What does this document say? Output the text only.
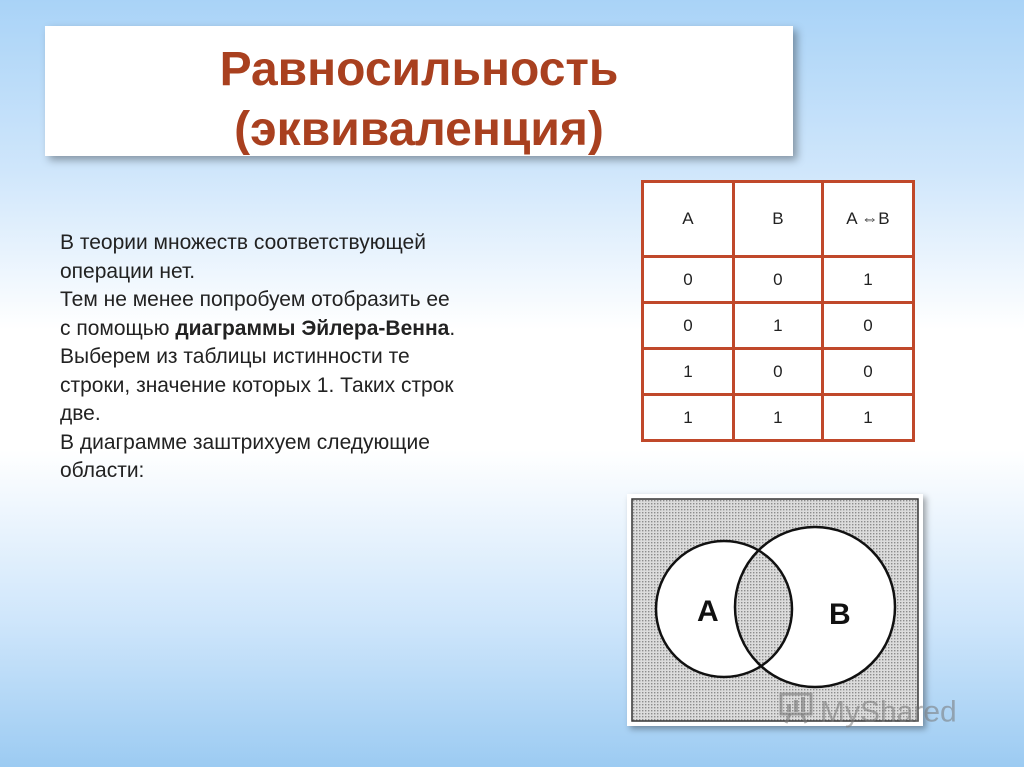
Равносильность
(эквиваленция)

В теории множеств соответствующей

операции нет.

Тем не менее попробуем отобразить ее

с помощью диаграммы Эйлера-Венна.

Выберем из таблицы истинности те

строки, значение которых 1. Таких строк

две.

В диаграмме заштрихуем следующие

области:

A	B	A ⇔B
0	0	1
0	1	0
1	0	0
1	1	1
A	B
MyShared
